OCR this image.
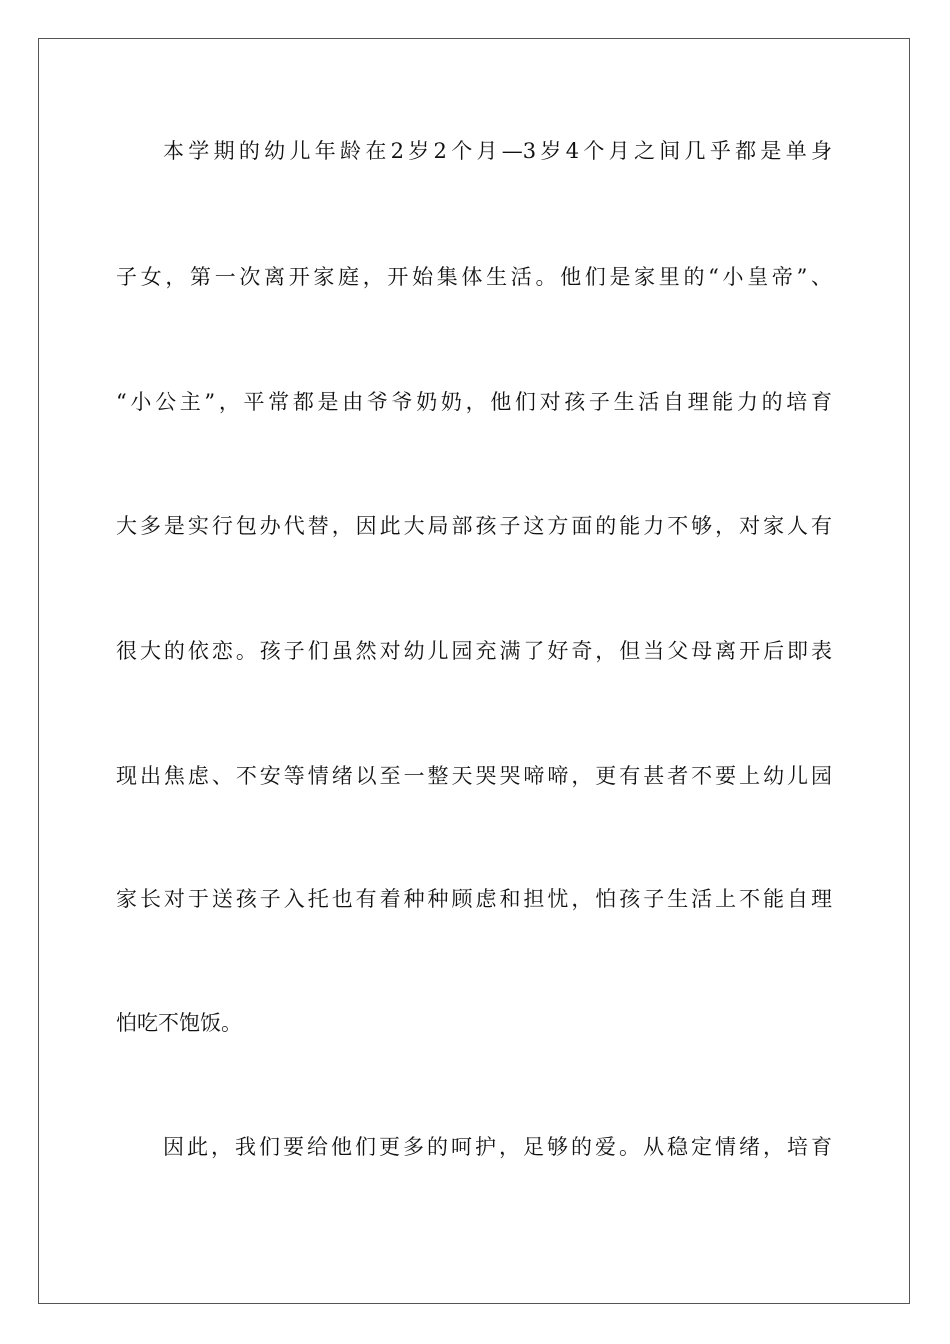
本学期的幼儿年龄在2岁2个月—3岁4个月之间几乎都是单身

子女，第一次离开家庭，开始集体生活。他们是家里的“小皇帝”、

“小公主”，平常都是由爷爷奶奶，他们对孩子生活自理能力的培育

大多是实行包办代替，因此大局部孩子这方面的能力不够，对家人有

很大的依恋。孩子们虽然对幼儿园充满了好奇，但当父母离开后即表

现出焦虑、不安等情绪以至一整天哭哭啼啼，更有甚者不要上幼儿园

家长对于送孩子入托也有着种种顾虑和担忧，怕孩子生活上不能自理

怕吃不饱饭。

因此，我们要给他们更多的呵护，足够的爱。从稳定情绪，培育
